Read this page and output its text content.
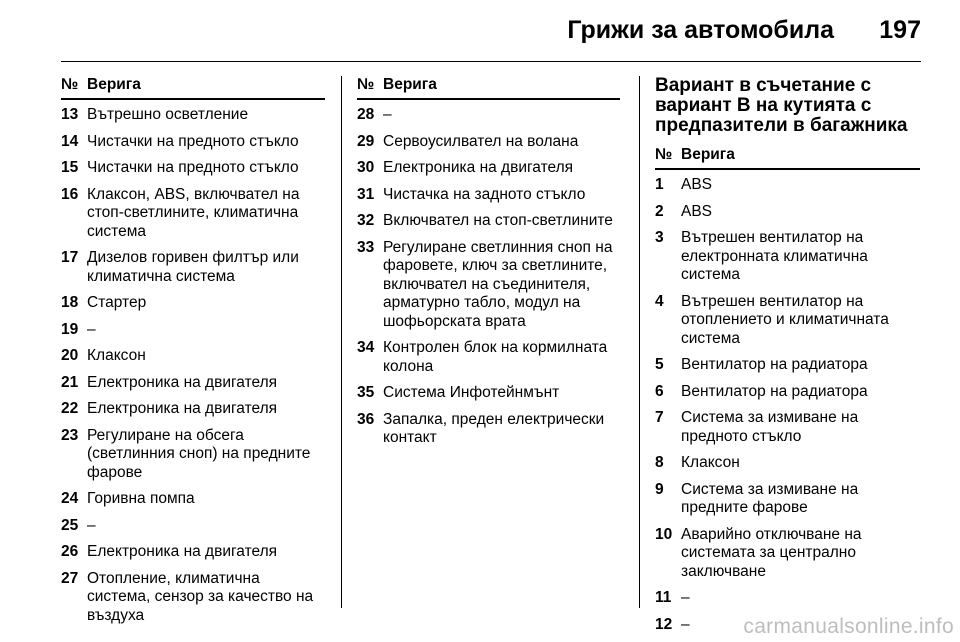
Грижи за автомобила 197
№ Верига
13 Вътрешно осветление
14 Чистачки на предното стъкло
15 Чистачки на предното стъкло
16 Клаксон, ABS, включвател на стоп-светлините, климатична система
17 Дизелов горивен филтър или климатична система
18 Стартер
19 –
20 Клаксон
21 Електроника на двигателя
22 Електроника на двигателя
23 Регулиране на обсега (светлинния сноп) на предните фарове
24 Горивна помпа
25 –
26 Електроника на двигателя
27 Отопление, климатична система, сензор за качество на въздуха
№ Верига
28 –
29 Сервоусилвател на волана
30 Електроника на двигателя
31 Чистачка на задното стъкло
32 Включвател на стоп-светлините
33 Регулиране светлинния сноп на фаровете, ключ за светлините, включвател на съединителя, арматурно табло, модул на шофьорската врата
34 Контролен блок на кормилната колона
35 Система Инфотейнмънт
36 Запалка, преден електрически контакт
Вариант в съчетание с вариант B на кутията с предпазители в багажника
№ Верига
1	ABS
2	ABS
3	Вътрешен вентилатор на електронната климатична система
4	Вътрешен вентилатор на отоплението и климатичната система
5	Вентилатор на радиатора
6	Вентилатор на радиатора
7	Система за измиване на предното стъкло
8	Клаксон
9	Система за измиване на предните фарове
10 Аварийно отключване на системата за централно заключване
11 –
12 –	carmanualsonline.info
